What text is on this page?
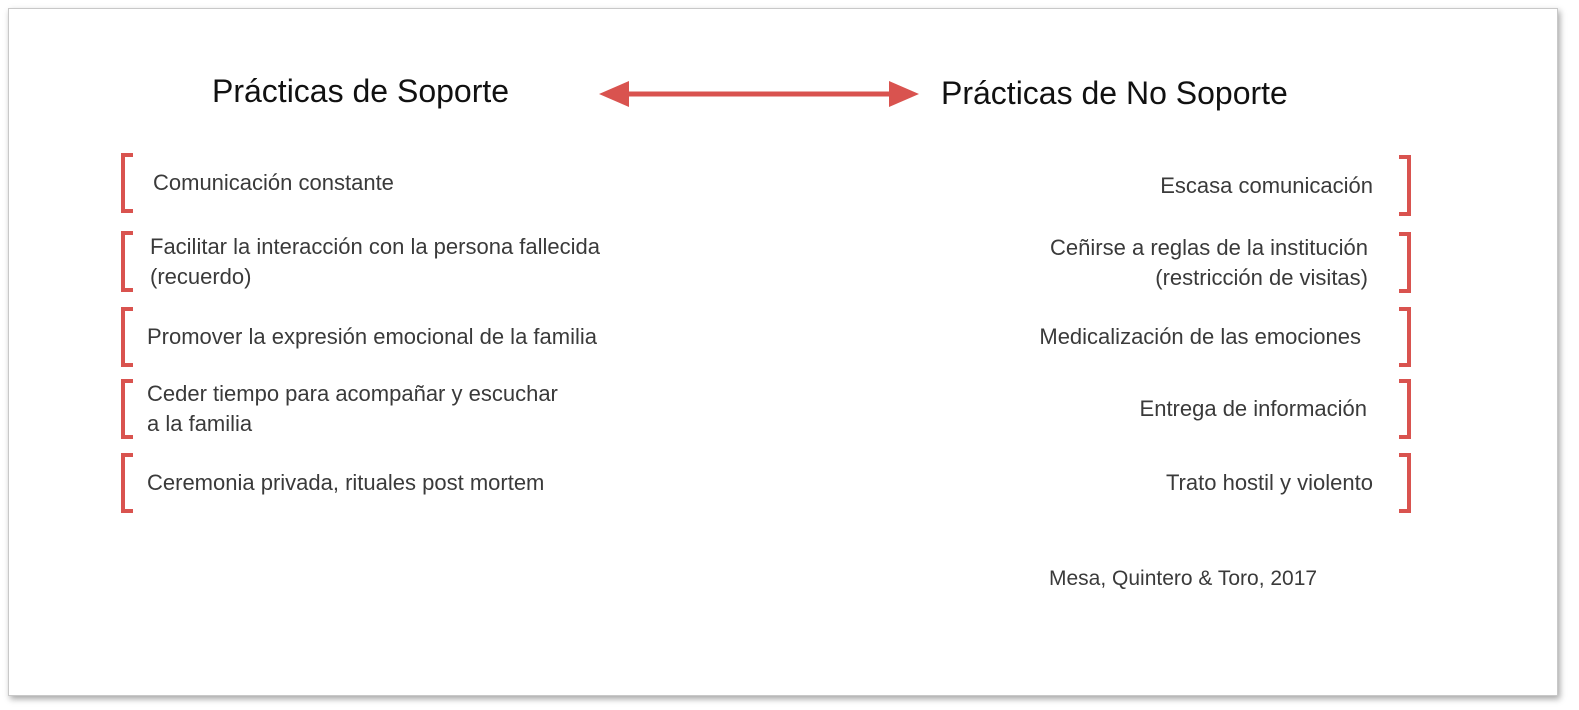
Prácticas de Soporte	Prácticas de No Soporte
Comunicación constante
Facilitar la interacción con la persona fallecida
(recuerdo)
Promover la expresión emocional de la familia
Ceder tiempo para acompañar y escuchar
a la familia
Ceremonia privada, rituales post mortem
Escasa comunicación
Ceñirse a reglas de la institución
(restricción de visitas)
Medicalización de las emociones
Entrega de información
Trato hostil y violento
Mesa, Quintero & Toro, 2017
